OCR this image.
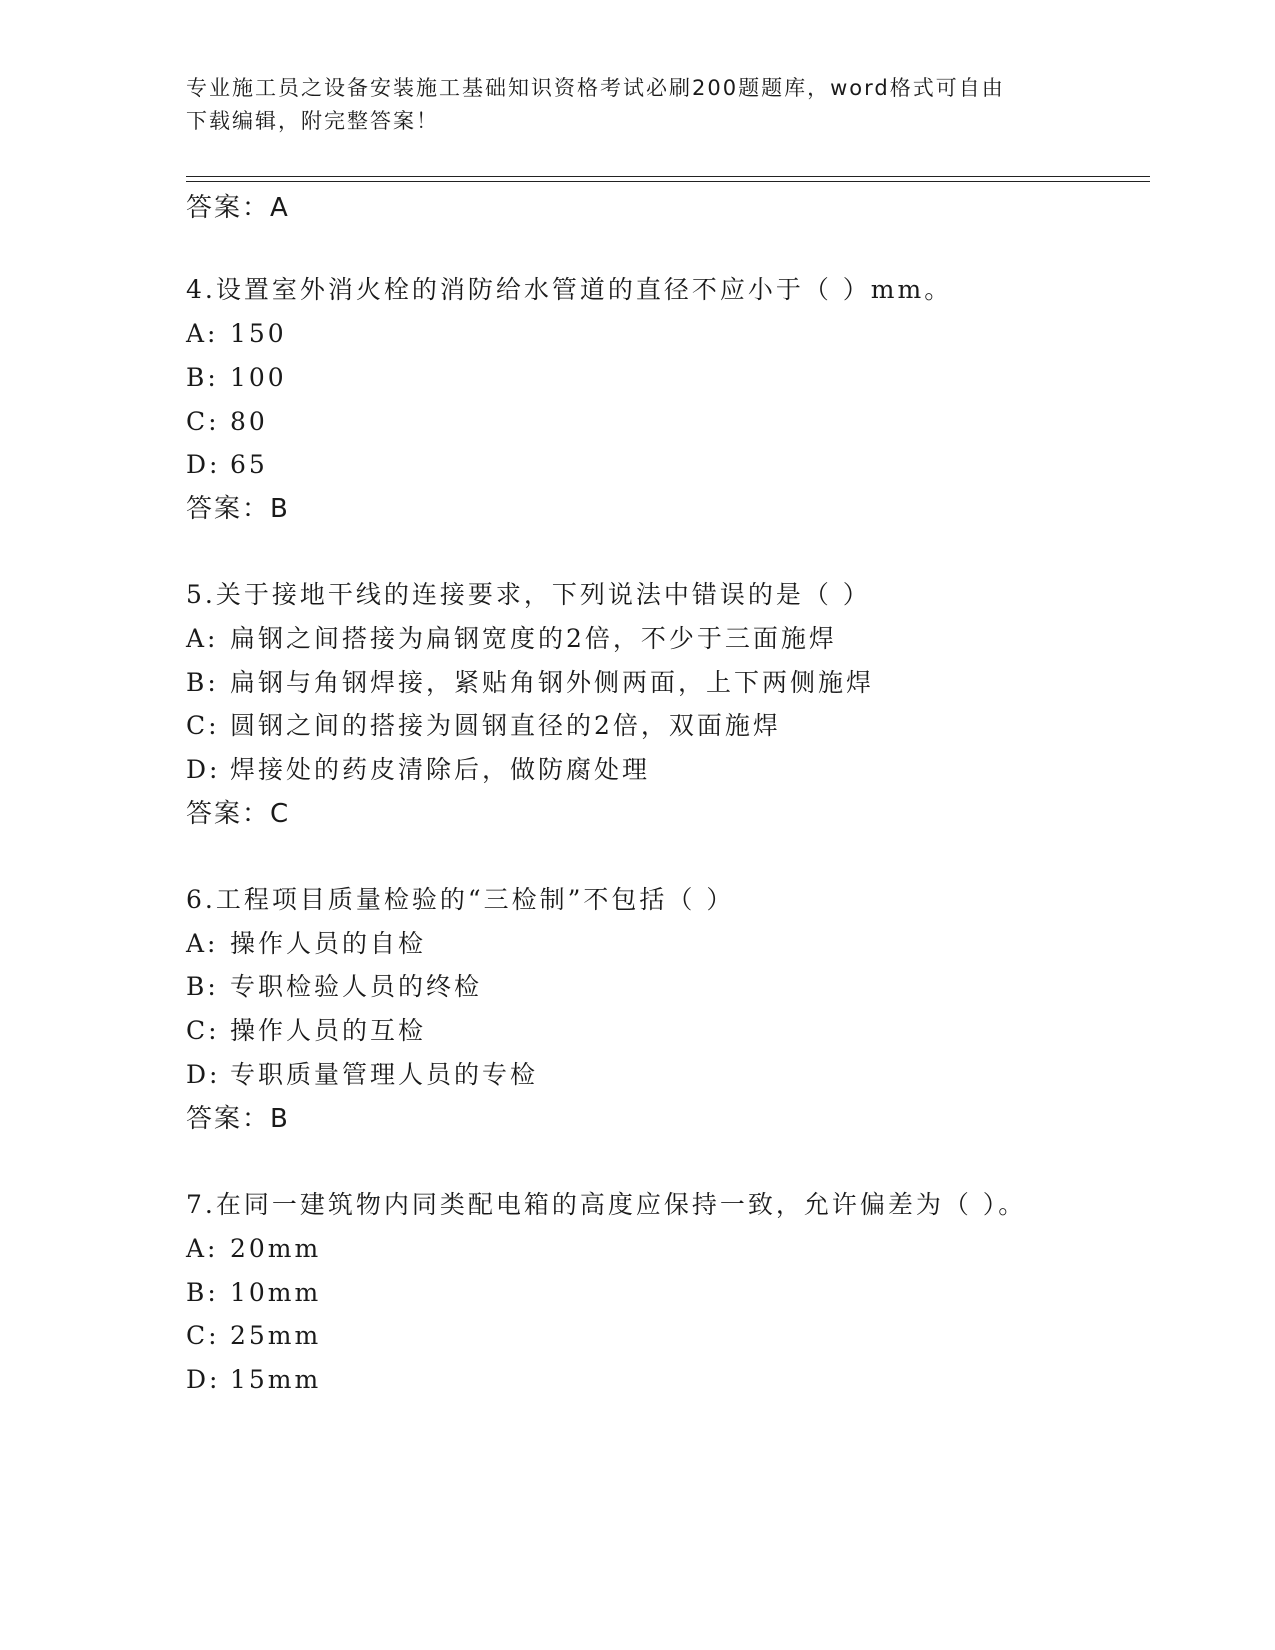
专业施工员之设备安装施工基础知识资格考试必刷200题题库，word格式可自由
下载编辑，附完整答案！
答案：A
4.设置室外消火栓的消防给水管道的直径不应小于（ ）mm。
A: 150
B: 100
C: 80
D: 65
答案：B
5.关于接地干线的连接要求，下列说法中错误的是（ ）
A: 扁钢之间搭接为扁钢宽度的2倍，不少于三面施焊
B: 扁钢与角钢焊接，紧贴角钢外侧两面，上下两侧施焊
C: 圆钢之间的搭接为圆钢直径的2倍，双面施焊
D: 焊接处的药皮清除后，做防腐处理
答案：C
6.工程项目质量检验的“三检制”不包括（ ）
A: 操作人员的自检
B: 专职检验人员的终检
C: 操作人员的互检
D: 专职质量管理人员的专检
答案：B
7.在同一建筑物内同类配电箱的高度应保持一致，允许偏差为（ ）。
A: 20mm
B: 10mm
C: 25mm
D: 15mm
